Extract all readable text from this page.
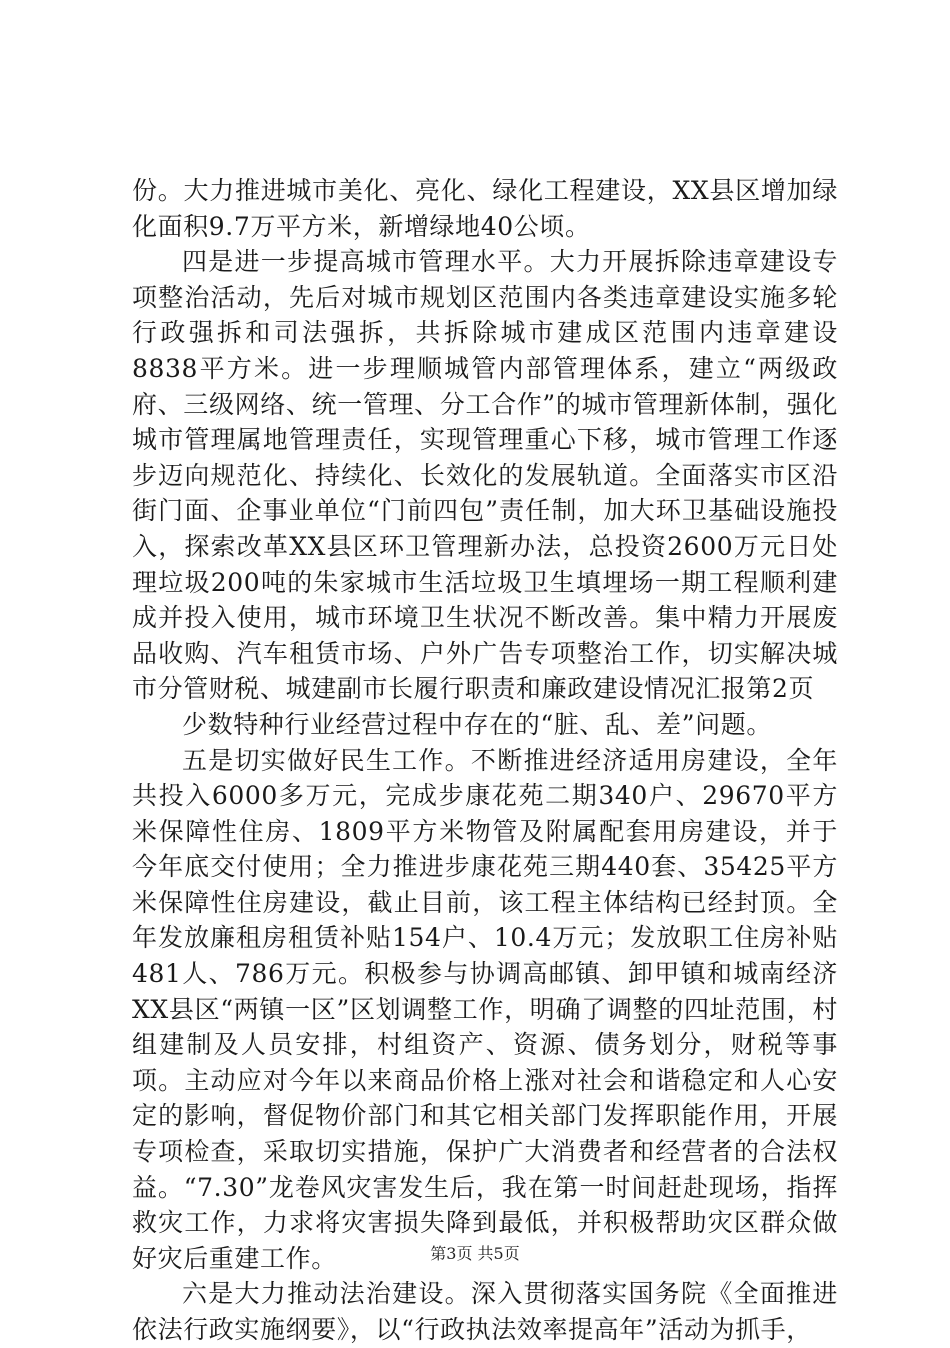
份。大力推进城市美化、亮化、绿化工程建设，XX县区增加绿化面积9.7万平方米，新增绿地40公顷。

四是进一步提高城市管理水平。大力开展拆除违章建设专项整治活动，先后对城市规划区范围内各类违章建设实施多轮行政强拆和司法强拆，共拆除城市建成区范围内违章建设8838平方米。进一步理顺城管内部管理体系，建立“两级政府、三级网络、统一管理、分工合作”的城市管理新体制，强化城市管理属地管理责任，实现管理重心下移，城市管理工作逐步迈向规范化、持续化、长效化的发展轨道。全面落实市区沿街门面、企事业单位“门前四包”责任制，加大环卫基础设施投入，探索改革XX县区环卫管理新办法，总投资2600万元日处理垃圾200吨的朱家城市生活垃圾卫生填埋场一期工程顺利建成并投入使用，城市环境卫生状况不断改善。集中精力开展废品收购、汽车租赁市场、户外广告专项整治工作，切实解决城市分管财税、城建副市长履行职责和廉政建设情况汇报第2页

少数特种行业经营过程中存在的“脏、乱、差”问题。

五是切实做好民生工作。不断推进经济适用房建设，全年共投入6000多万元，完成步康花苑二期340户、29670平方米保障性住房、1809平方米物管及附属配套用房建设，并于今年底交付使用；全力推进步康花苑三期440套、35425平方米保障性住房建设，截止目前，该工程主体结构已经封顶。全年发放廉租房租赁补贴154户、10.4万元；发放职工住房补贴481人、786万元。积极参与协调高邮镇、卸甲镇和城南经济XX县区“两镇一区”区划调整工作，明确了调整的四址范围，村组建制及人员安排，村组资产、资源、债务划分，财税等事项。主动应对今年以来商品价格上涨对社会和谐稳定和人心安定的影响，督促物价部门和其它相关部门发挥职能作用，开展专项检查，采取切实措施，保护广大消费者和经营者的合法权益。“7.30”龙卷风灾害发生后，我在第一时间赶赴现场，指挥救灾工作，力求将灾害损失降到最低，并积极帮助灾区群众做好灾后重建工作。

六是大力推动法治建设。深入贯彻落实国务院《全面推进依法行政实施纲要》，以“行政执法效率提高年”活动为抓手，

第3页 共5页
